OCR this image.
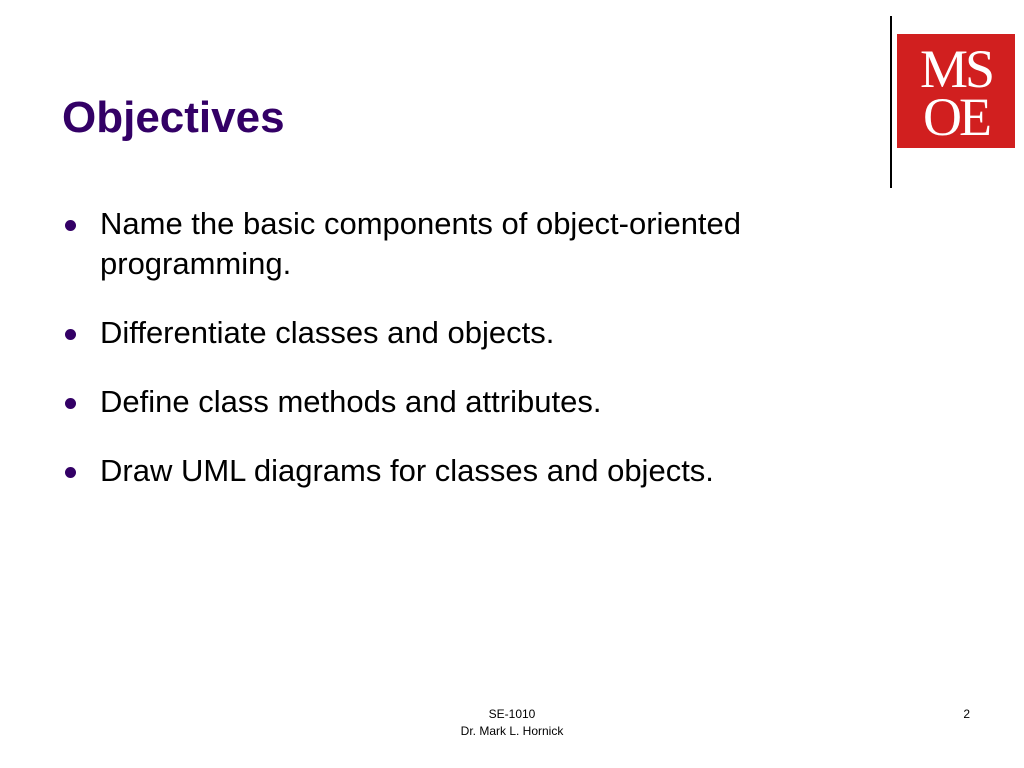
Objectives
MS
OE
Name the basic components of object-oriented programming.
Differentiate classes and objects.
Define class methods and attributes.
Draw UML diagrams for classes and objects.
SE-1010
Dr. Mark L. Hornick
2
